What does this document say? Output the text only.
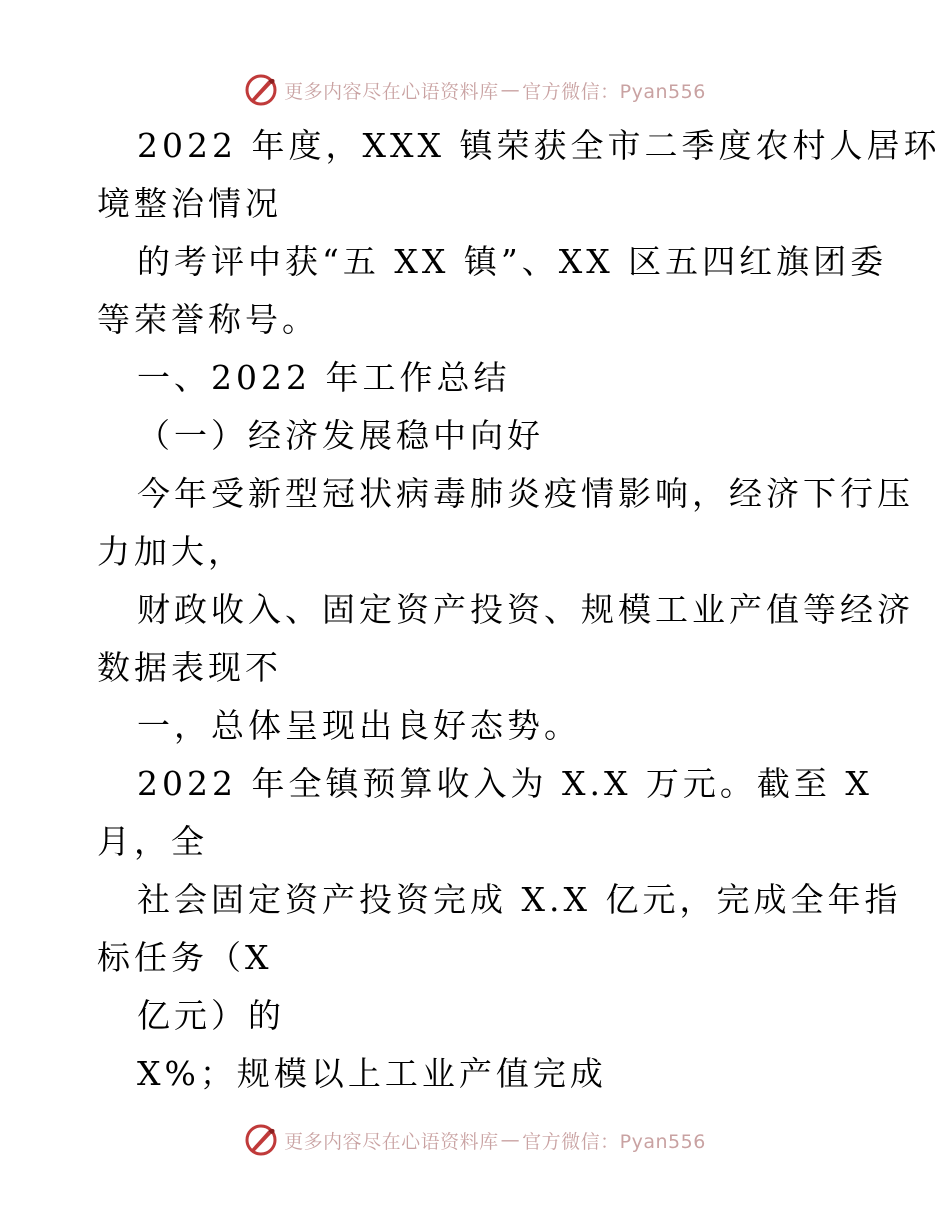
更多内容尽在心语资料库 — 官方微信：Pyan556
2022 年度，XXX 镇荣获全市二季度农村人居环
境整治情况
的考评中获“五 XX 镇”、XX 区五四红旗团委
等荣誉称号。
一、2022 年工作总结
（一）经济发展稳中向好
今年受新型冠状病毒肺炎疫情影响，经济下行压
力加大，
财政收入、固定资产投资、规模工业产值等经济
数据表现不
一，总体呈现出良好态势。
2022 年全镇预算收入为 X.X 万元。截至 X
月，全
社会固定资产投资完成 X.X 亿元，完成全年指
标任务（X
亿元）的
X%；规模以上工业产值完成
更多内容尽在心语资料库 — 官方微信：Pyan556
